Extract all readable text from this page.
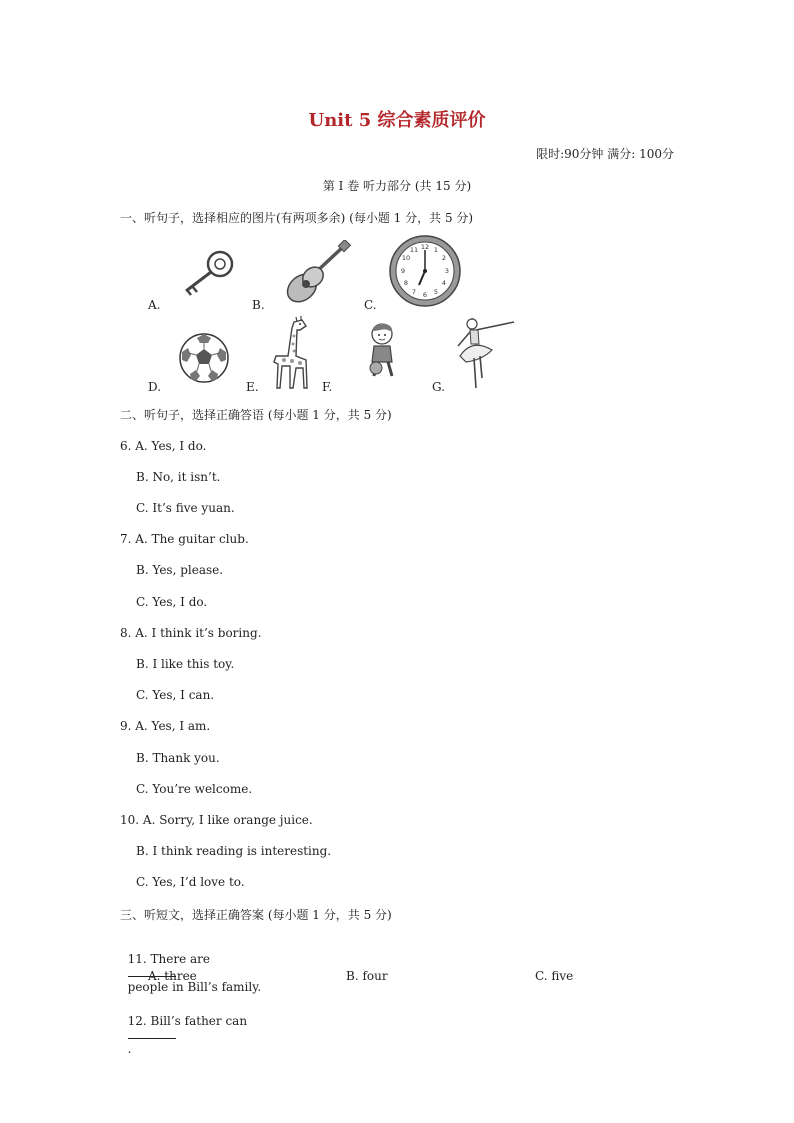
Unit 5 综合素质评价
限时:90分钟 满分: 100分
第 I 卷 听力部分 (共 15 分)
一、听句子，选择相应的图片(有两项多余) (每小题 1 分，共 5 分)
A.	B.
12 1
2
3
4
5
6
7
8
9
10
11
C.
D.	E.	F.	G.
二、听句子，选择正确答语 (每小题 1 分，共 5 分)
6. A. Yes, I do.
B. No, it isn’t.
C. It’s five yuan.
7. A. The guitar club.
B. Yes, please.
C. Yes, I do.
8. A. I think it’s boring.
B. I like this toy.
C. Yes, I can.
9. A. Yes, I am.
B. Thank you.
C. You’re welcome.
10. A. Sorry, I like orange juice.
B. I think reading is interesting.
C. Yes, I’d love to.
三、听短文，选择正确答案 (每小题 1 分，共 5 分)

11. There are

people in Bill’s family.

A. three	B. four	C. five

12. Bill’s father can

.
